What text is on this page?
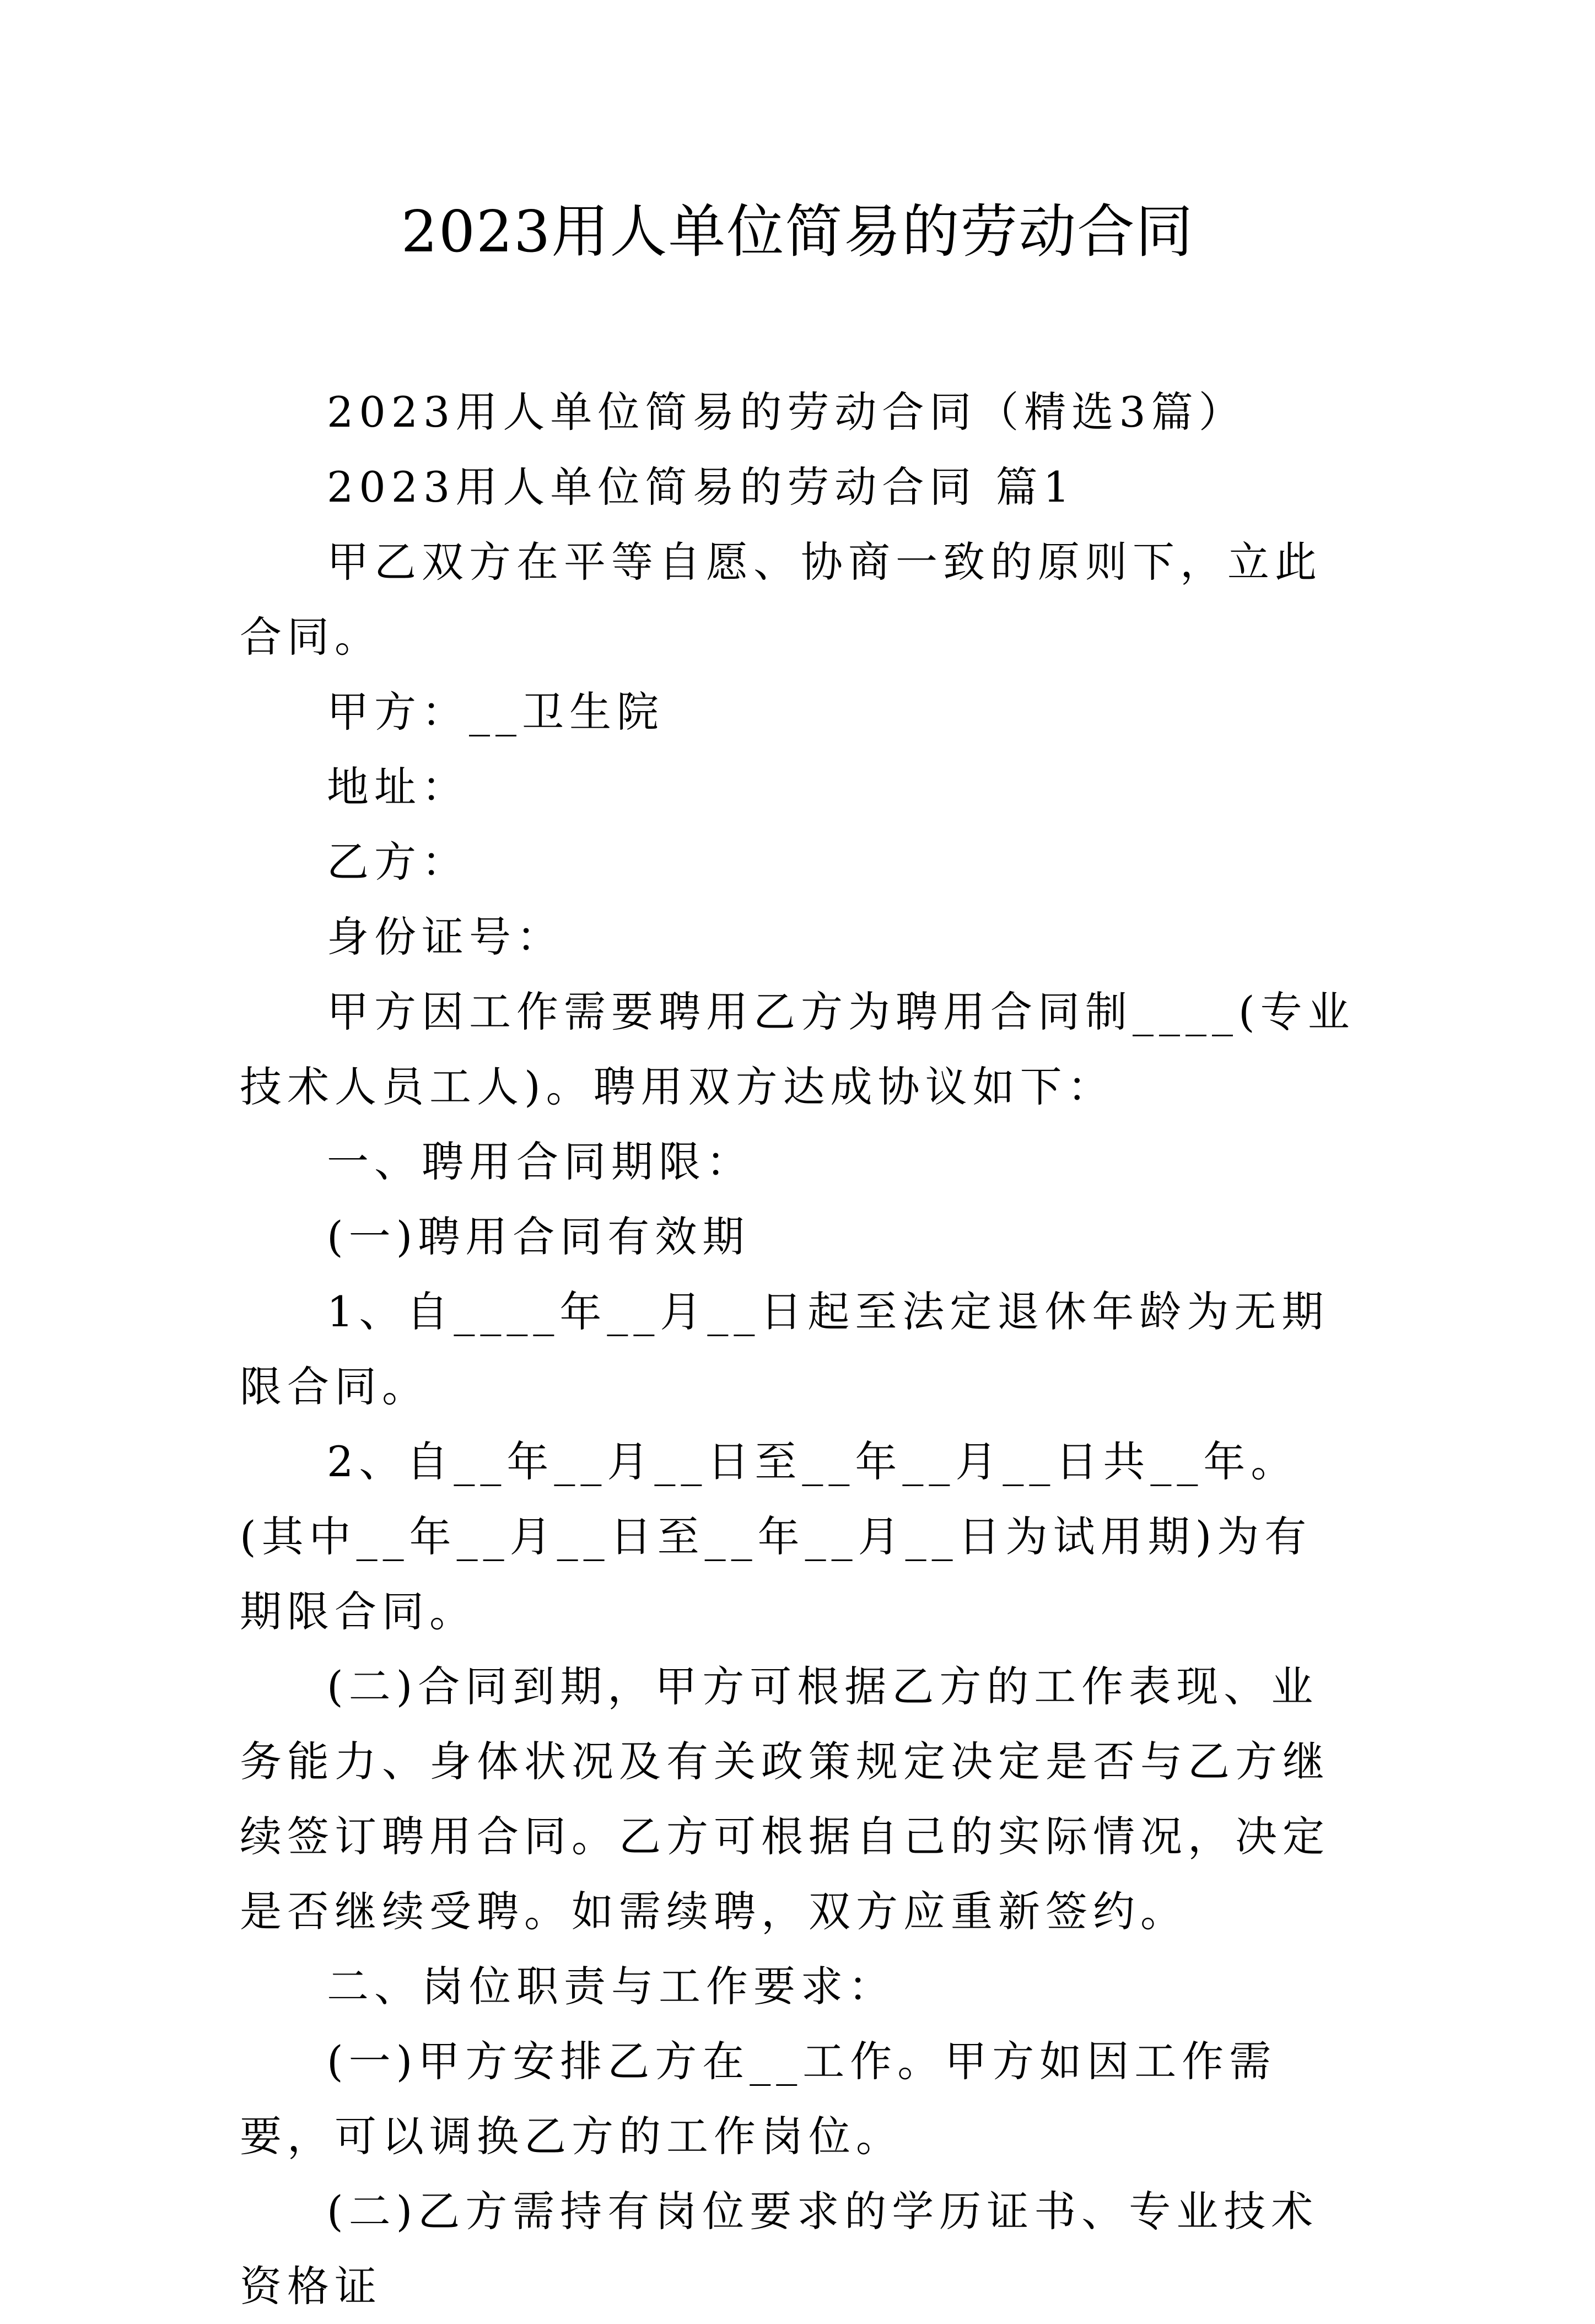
2023用人单位简易的劳动合同

2023用人单位简易的劳动合同（精选3篇）

2023用人单位简易的劳动合同 篇1

甲乙双方在平等自愿、协商一致的原则下，立此合同。

甲方：__卫生院

地址：

乙方：

身份证号：

甲方因工作需要聘用乙方为聘用合同制____(专业技术人员工人)。聘用双方达成协议如下：

一、聘用合同期限：

(一)聘用合同有效期

1、自____年__月__日起至法定退休年龄为无期限合同。

2、自__年__月__日至__年__月__日共__年。(其中__年__月__日至__年__月__日为试用期)为有期限合同。

(二)合同到期，甲方可根据乙方的工作表现、业务能力、身体状况及有关政策规定决定是否与乙方继续签订聘用合同。乙方可根据自己的实际情况，决定是否继续受聘。如需续聘，双方应重新签约。

二、岗位职责与工作要求：

(一)甲方安排乙方在__工作。甲方如因工作需要，可以调换乙方的工作岗位。

(二)乙方需持有岗位要求的学历证书、专业技术资格证
